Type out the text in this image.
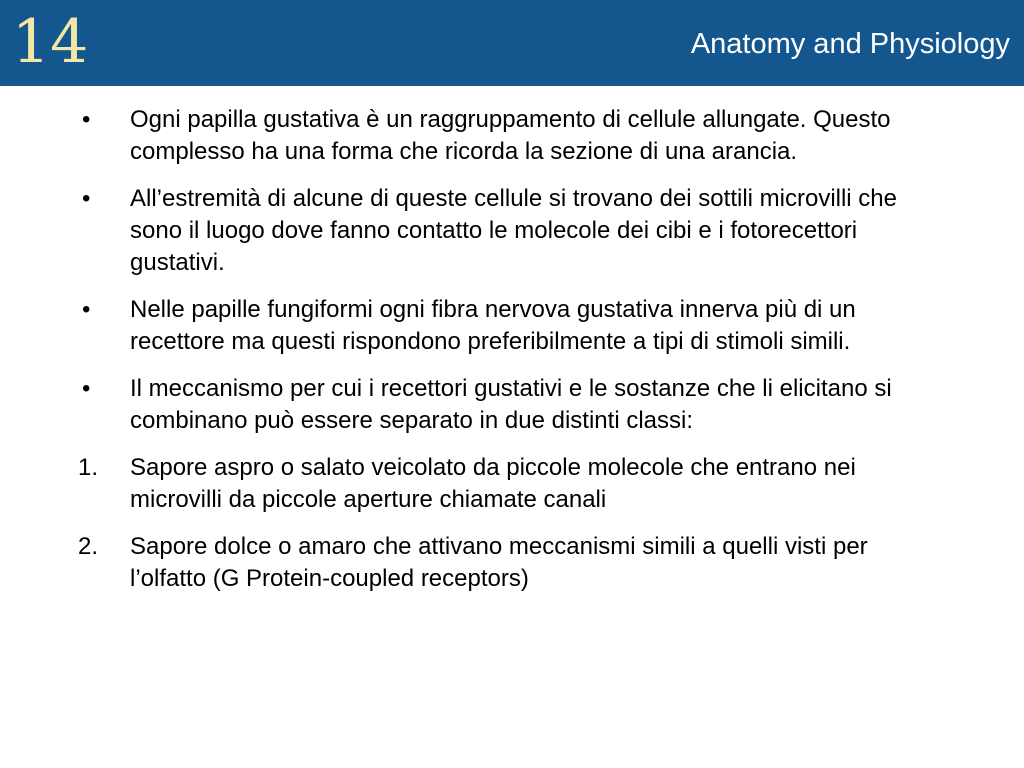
14	Anatomy and Physiology
•	Ogni papilla gustativa è un raggruppamento di cellule allungate. Questo complesso ha una forma che ricorda la sezione di una arancia.
•	All’estremità di alcune di queste cellule si trovano dei sottili microvilli che sono il luogo dove fanno contatto le molecole dei cibi e i fotorecettori gustativi.
•	Nelle papille fungiformi ogni fibra nervova gustativa innerva più di un recettore ma questi rispondono preferibilmente a tipi di stimoli simili.
•	Il meccanismo per cui i recettori gustativi e le sostanze che li elicitano si combinano può essere separato in due distinti classi:
1.	Sapore aspro o salato veicolato da piccole molecole che entrano nei microvilli da piccole aperture chiamate canali
2.	Sapore dolce o amaro che attivano meccanismi simili a quelli visti per l’olfatto (G Protein-coupled receptors)
